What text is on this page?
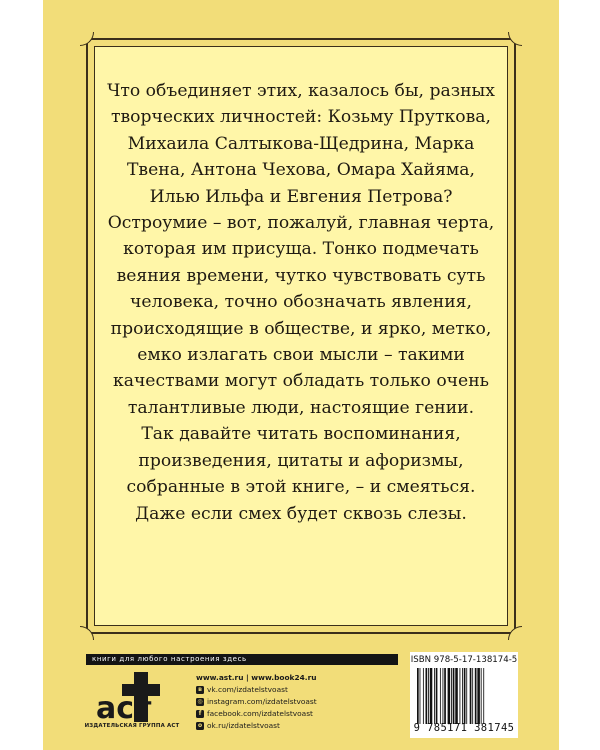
Что объединяет этих, казалось бы, разных
творческих личностей: Козьму Пруткова,
Михаила Салтыкова-Щедрина, Марка
Твена, Антона Чехова, Омара Хайяма,
Илью Ильфа и Евгения Петрова?
Остроумие – вот, пожалуй, главная черта,
которая им присуща. Тонко подмечать
веяния времени, чутко чувствовать суть
человека, точно обозначать явления,
происходящие в обществе, и ярко, метко,
емко излагать свои мысли – такими
качествами могут обладать только очень
талантливые люди, настоящие гении.
Так давайте читать воспоминания,
произведения, цитаты и афоризмы,
собранные в этой книге, – и смеяться.
Даже если смех будет сквозь слезы.
книги для любого настроения здесь
аст
ИЗДАТЕЛЬСКАЯ ГРУППА АСТ
www.ast.ru | www.book24.ru
в vk.com/izdatelstvoast
◎ instagram.com/izdatelstvoast
f facebook.com/izdatelstvoast
о ok.ru/izdatelstvoast
ISBN 978-5-17-138174-5
9 785171 381745
